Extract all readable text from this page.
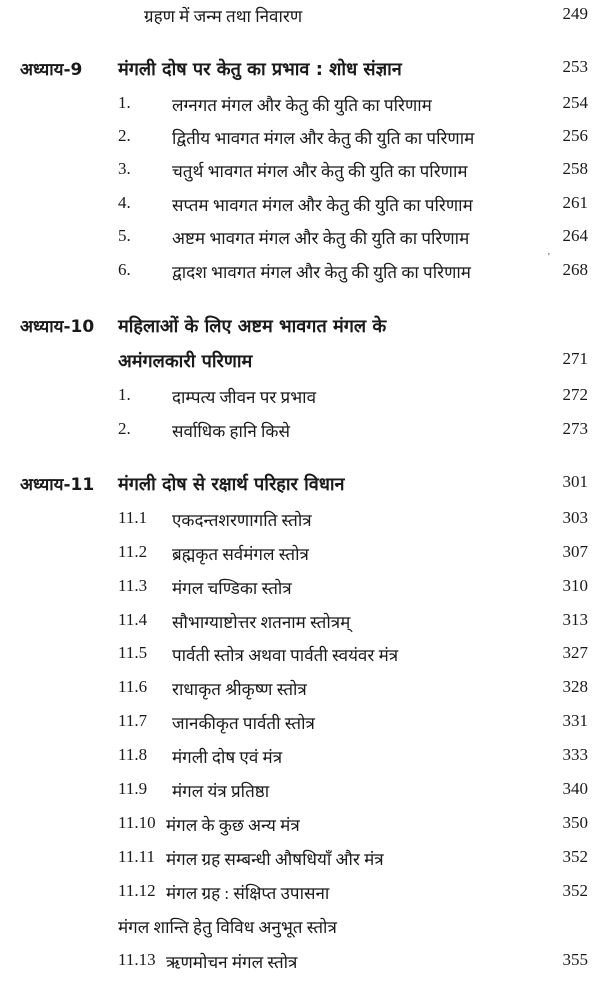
ग्रहण में जन्म तथा निवारण	249
अध्याय-9 मंगली दोष पर केतु का प्रभाव : शोध संज्ञान	253
1. लग्नगत मंगल और केतु की युति का परिणाम	254
2. द्वितीय भावगत मंगल और केतु की युति का परिणाम	256
3. चतुर्थ भावगत मंगल और केतु की युति का परिणाम	258
4. सप्तम भावगत मंगल और केतु की युति का परिणाम	261
5. अष्टम भावगत मंगल और केतु की युति का परिणाम	264
6. द्वादश भावगत मंगल और केतु की युति का परिणाम	268
अध्याय-10 महिलाओं के लिए अष्टम भावगत मंगल के
अमंगलकारी परिणाम	271
1. दाम्पत्य जीवन पर प्रभाव	272
2. सर्वाधिक हानि किसे	273
अध्याय-11 मंगली दोष से रक्षार्थ परिहार विधान	301
11.1 एकदन्तशरणागति स्तोत्र	303
11.2 ब्रह्मकृत सर्वमंगल स्तोत्र	307
11.3 मंगल चण्डिका स्तोत्र	310
11.4 सौभाग्याष्टोत्तर शतनाम स्तोत्रम्	313
11.5 पार्वती स्तोत्र अथवा पार्वती स्वयंवर मंत्र	327
11.6 राधाकृत श्रीकृष्ण स्तोत्र	328
11.7 जानकीकृत पार्वती स्तोत्र	331
11.8 मंगली दोष एवं मंत्र	333
11.9 मंगल यंत्र प्रतिष्ठा	340
11.10 मंगल के कुछ अन्य मंत्र	350
11.11 मंगल ग्रह सम्बन्धी औषधियाँ और मंत्र	352
11.12 मंगल ग्रह : संक्षिप्त उपासना	352
मंगल शान्ति हेतु विविध अनुभूत स्तोत्र
11.13 ऋणमोचन मंगल स्तोत्र	355
'
